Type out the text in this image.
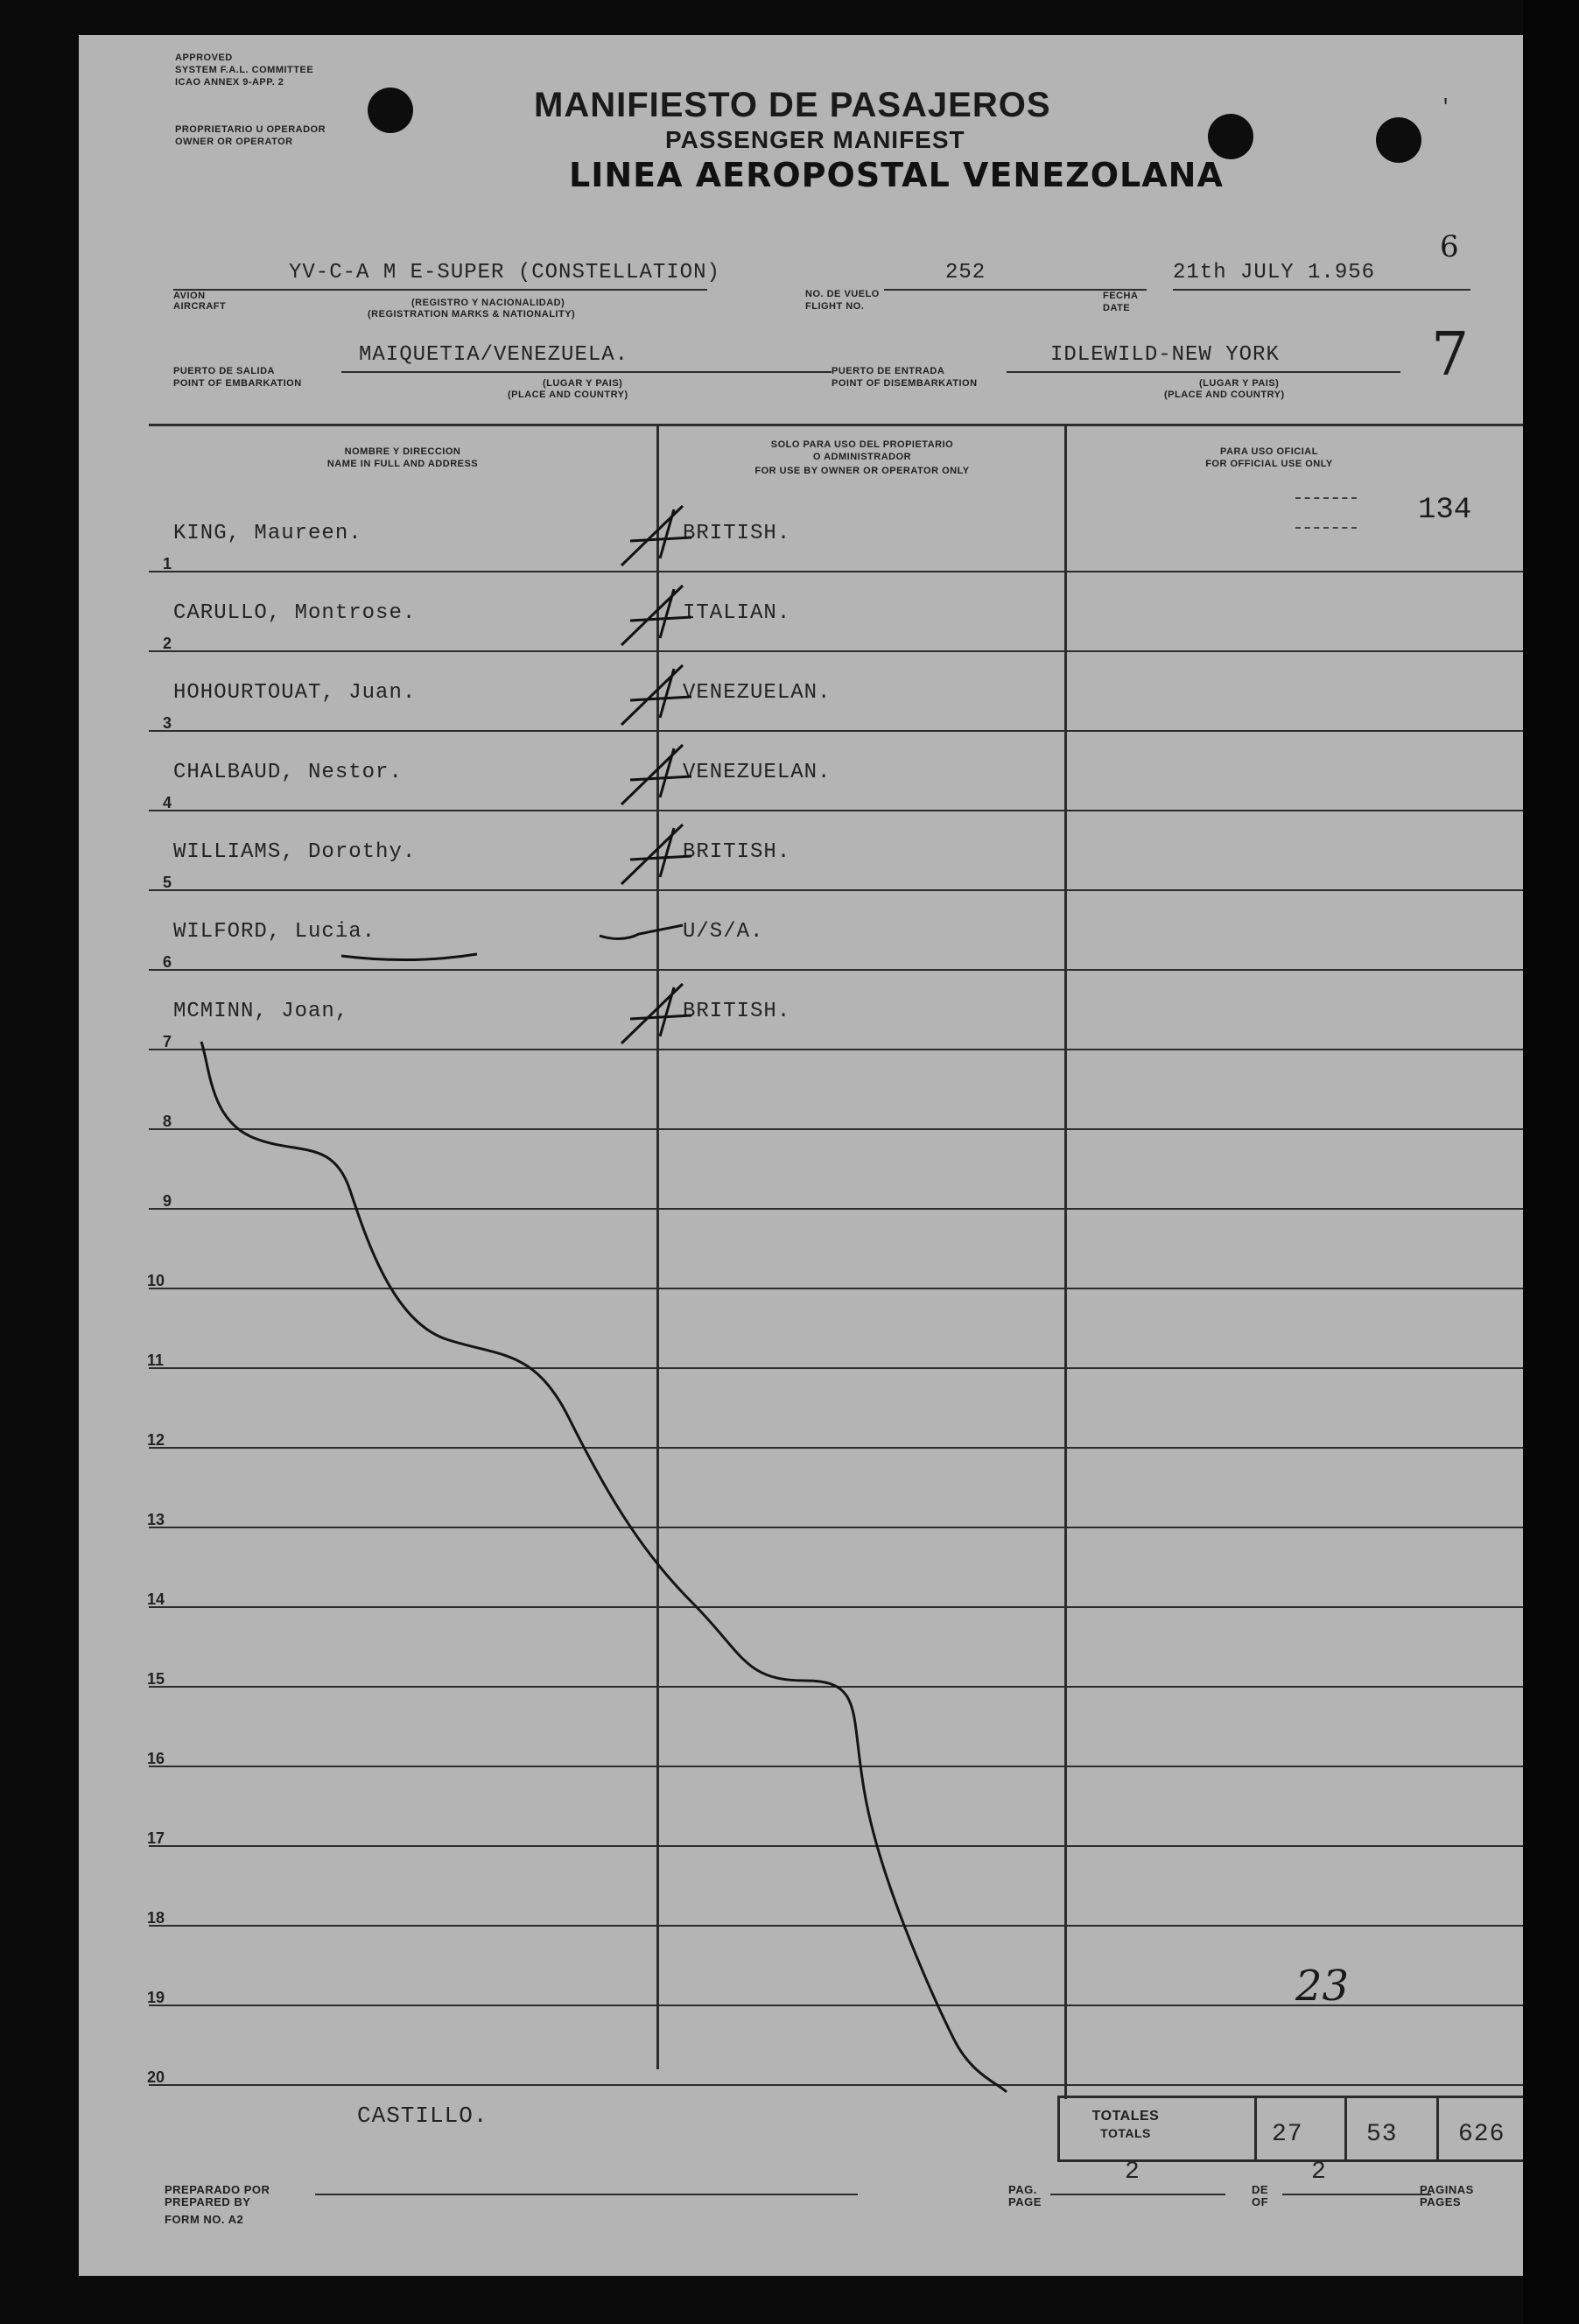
APPROVED
SYSTEM F.A.L. COMMITTEE
ICAO ANNEX 9-APP. 2
PROPRIETARIO U OPERADOR
OWNER OR OPERATOR
MANIFIESTO DE PASAJEROS
PASSENGER MANIFEST
LINEA AEROPOSTAL VENEZOLANA
'
YV-C-A M E-SUPER (CONSTELLATION)
AVION
AIRCRAFT	(REGISTRO Y NACIONALIDAD)
(REGISTRATION MARKS & NATIONALITY)
252
NO. DE VUELO
FLIGHT NO.
21th JULY 1.956
FECHA
DATE
6
MAIQUETIA/VENEZUELA.
PUERTO DE SALIDA
POINT OF EMBARKATION	(LUGAR Y PAIS)
(PLACE AND COUNTRY)
IDLEWILD-NEW YORK
PUERTO DE ENTRADA
POINT OF DISEMBARKATION	(LUGAR Y PAIS)
(PLACE AND COUNTRY)
7
NOMBRE Y DIRECCION
NAME IN FULL AND ADDRESS
SOLO PARA USO DEL PROPIETARIO
O ADMINISTRADOR
FOR USE BY OWNER OR OPERATOR ONLY
PARA USO OFICIAL
FOR OFFICIAL USE ONLY
134
1
KING, Maureen.	BRITISH.
2
CARULLO, Montrose.	ITALIAN.
3
HOHOURTOUAT, Juan.	VENEZUELAN.
4
CHALBAUD, Nestor.	VENEZUELAN.
5
WILLIAMS, Dorothy.	BRITISH.
6
WILFORD, Lucia.	U/S/A.
7
MCMINN, Joan,	BRITISH.
8
9
10
11
12
13
14
15
16
17
18
19
20
23
TOTALES
TOTALS	27	53 626
CASTILLO.
PREPARADO POR
PREPARED BY
FORM NO. A2
2
PAG.
PAGE
2
DE
OF
PAGINAS
PAGES
